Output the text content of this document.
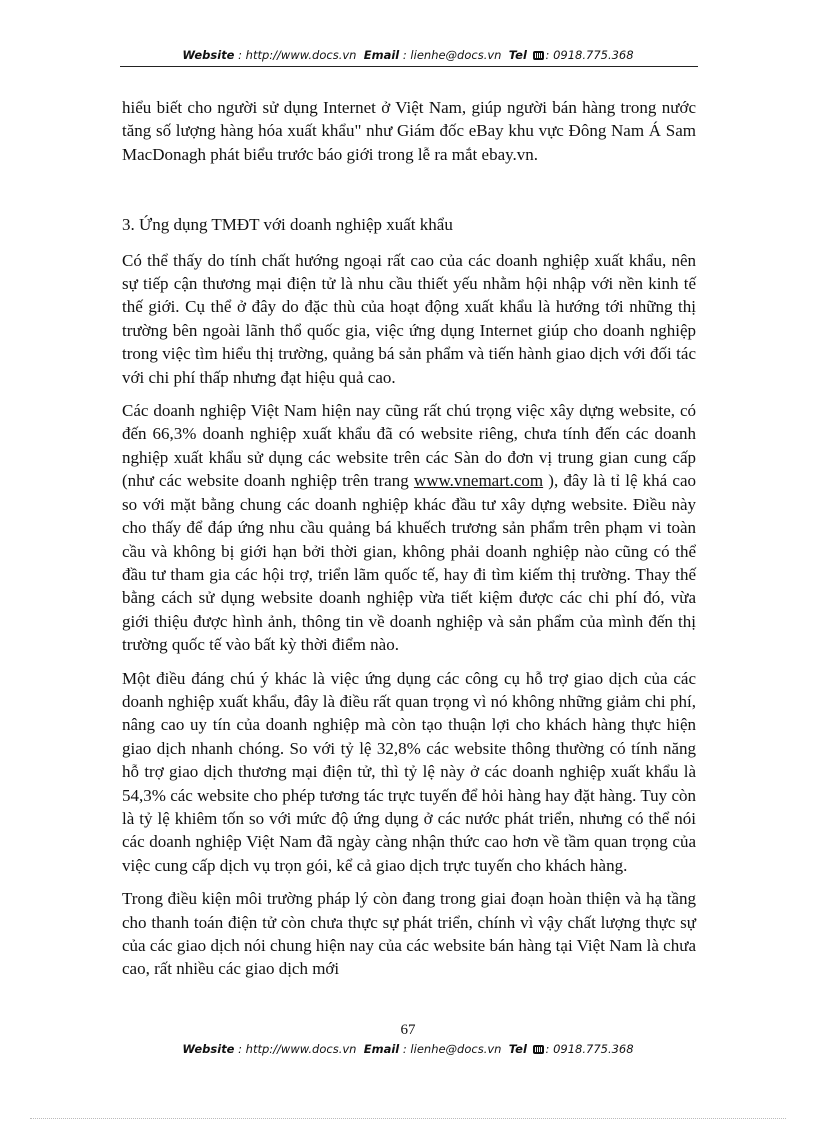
Website : http://www.docs.vn Email : lienhe@docs.vn Tel : 0918.775.368

hiểu biết cho người sử dụng Internet ở Việt Nam, giúp người bán hàng trong nước tăng số lượng hàng hóa xuất khẩu" như Giám đốc eBay khu vực Đông Nam Á Sam MacDonagh phát biểu trước báo giới trong lễ ra mắt ebay.vn.

3. Ứng dụng TMĐT với doanh nghiệp xuất khẩu

Có thể thấy do tính chất hướng ngoại rất cao của các doanh nghiệp xuất khẩu, nên sự tiếp cận thương mại điện tử là nhu cầu thiết yếu nhằm hội nhập với nền kinh tế thế giới. Cụ thể ở đây do đặc thù của hoạt động xuất khẩu là hướng tới những thị trường bên ngoài lãnh thổ quốc gia, việc ứng dụng Internet giúp cho doanh nghiệp trong việc tìm hiểu thị trường, quảng bá sản phẩm và tiến hành giao dịch với đối tác với chi phí thấp nhưng đạt hiệu quả cao.

Các doanh nghiệp Việt Nam hiện nay cũng rất chú trọng việc xây dựng website, có đến 66,3% doanh nghiệp xuất khẩu đã có website riêng, chưa tính đến các doanh nghiệp xuất khẩu sử dụng các website trên các Sàn do đơn vị trung gian cung cấp (như các website doanh nghiệp trên trang www.vnemart.com ), đây là tỉ lệ khá cao so với mặt bằng chung các doanh nghiệp khác đầu tư xây dựng website. Điều này cho thấy để đáp ứng nhu cầu quảng bá khuếch trương sản phẩm trên phạm vi toàn cầu và không bị giới hạn bởi thời gian, không phải doanh nghiệp nào cũng có thể đầu tư tham gia các hội trợ, triển lãm quốc tế, hay đi tìm kiếm thị trường. Thay thế bằng cách sử dụng website doanh nghiệp vừa tiết kiệm được các chi phí đó, vừa giới thiệu được hình ảnh, thông tin về doanh nghiệp và sản phẩm của mình đến thị trường quốc tế vào bất kỳ thời điểm nào.

Một điều đáng chú ý khác là việc ứng dụng các công cụ hỗ trợ giao dịch của các doanh nghiệp xuất khẩu, đây là điều rất quan trọng vì nó không những giảm chi phí, nâng cao uy tín của doanh nghiệp mà còn tạo thuận lợi cho khách hàng thực hiện giao dịch nhanh chóng. So với tỷ lệ 32,8% các website thông thường có tính năng hỗ trợ giao dịch thương mại điện tử, thì tỷ lệ này ở các doanh nghiệp xuất khẩu là 54,3% các website cho phép tương tác trực tuyến để hỏi hàng hay đặt hàng. Tuy còn là tỷ lệ khiêm tốn so với mức độ ứng dụng ở các nước phát triển, nhưng có thể nói các doanh nghiệp Việt Nam đã ngày càng nhận thức cao hơn về tầm quan trọng của việc cung cấp dịch vụ trọn gói, kể cả giao dịch trực tuyến cho khách hàng.

Trong điều kiện môi trường pháp lý còn đang trong giai đoạn hoàn thiện và hạ tầng cho thanh toán điện tử còn chưa thực sự phát triển, chính vì vậy chất lượng thực sự của các giao dịch nói chung hiện nay của các website bán hàng tại Việt Nam là chưa cao, rất nhiều các giao dịch mới

67
Website : http://www.docs.vn Email : lienhe@docs.vn Tel : 0918.775.368
